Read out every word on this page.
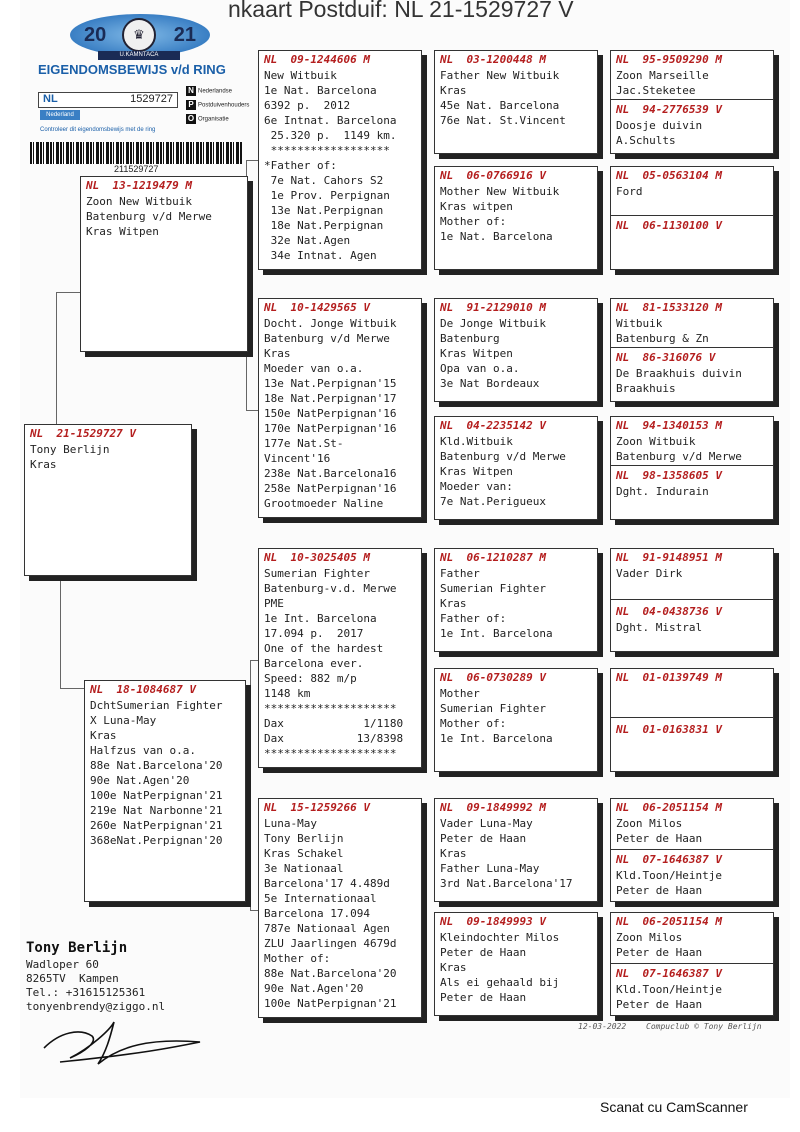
nkaart Postduif: NL 21-1529727 V
20	21
♛
U.KAMNTACA
EIGENDOMSBEWIJS v/d RING
NL	1529727
N Nederlandse
P Postduivenhouders
O Organisatie
Nederland
Controleer dit eigendomsbewijs met de ring
211529727
NL  21-1529727 V
Tony Berlijn
Kras
NL  13-1219479 M
Zoon New Witbuik
Batenburg v/d Merwe
Kras Witpen
NL  18-1084687 V
DchtSumerian Fighter
X Luna-May
Kras
Halfzus van o.a.
88e Nat.Barcelona'20
90e Nat.Agen'20
100e NatPerpignan'21
219e Nat Narbonne'21
260e NatPerpignan'21
368eNat.Perpignan'20
NL  09-1244606 M
New Witbuik
1e Nat. Barcelona
6392 p.  2012
6e Intnat. Barcelona
25.320 p.  1149 km.
******************
*Father of:
7e Nat. Cahors S2
1e Prov. Perpignan
13e Nat.Perpignan
18e Nat.Perpignan
32e Nat.Agen
34e Intnat. Agen
NL  10-1429565 V
Docht. Jonge Witbuik
Batenburg v/d Merwe
Kras
Moeder van o.a.
13e Nat.Perpignan'15
18e Nat.Perpignan'17
150e NatPerpignan'16
170e NatPerpignan'16
177e Nat.St-
Vincent'16
238e Nat.Barcelona16
258e NatPerpignan'16
Grootmoeder Naline
NL  10-3025405 M
Sumerian Fighter
Batenburg-v.d. Merwe
PME
1e Int. Barcelona
17.094 p.  2017
One of the hardest
Barcelona ever.
Speed: 882 m/p
1148 km
********************
Dax            1/1180
Dax           13/8398
********************
NL  15-1259266 V
Luna-May
Tony Berlijn
Kras Schakel
3e Nationaal
Barcelona'17 4.489d
5e Internationaal
Barcelona 17.094
787e Nationaal Agen
ZLU Jaarlingen 4679d
Mother of:
88e Nat.Barcelona'20
90e Nat.Agen'20
100e NatPerpignan'21
NL  03-1200448 M
Father New Witbuik
Kras
45e Nat. Barcelona
76e Nat. St.Vincent
NL  06-0766916 V
Mother New Witbuik
Kras witpen
Mother of:
1e Nat. Barcelona
NL  91-2129010 M
De Jonge Witbuik
Batenburg
Kras Witpen
Opa van o.a.
3e Nat Bordeaux
NL  04-2235142 V
Kld.Witbuik
Batenburg v/d Merwe
Kras Witpen
Moeder van:
7e Nat.Perigueux
NL  06-1210287 M
Father
Sumerian Fighter
Kras
Father of:
1e Int. Barcelona
NL  06-0730289 V
Mother
Sumerian Fighter
Mother of:
1e Int. Barcelona
NL  09-1849992 M
Vader Luna-May
Peter de Haan
Kras
Father Luna-May
3rd Nat.Barcelona'17
NL  09-1849993 V
Kleindochter Milos
Peter de Haan
Kras
Als ei gehaald bij
Peter de Haan
NL  95-9509290 M
Zoon Marseille
Jac.Steketee
NL  94-2776539 V
Doosje duivin
A.Schults
NL  05-0563104 M
Ford
NL  06-1130100 V
NL  81-1533120 M
Witbuik
Batenburg & Zn
NL  86-316076 V
De Braakhuis duivin
Braakhuis
NL  94-1340153 M
Zoon Witbuik
Batenburg v/d Merwe
NL  98-1358605 V
Dght. Indurain
NL  91-9148951 M
Vader Dirk
NL  04-0438736 V
Dght. Mistral
NL  01-0139749 M
NL  01-0163831 V
NL  06-2051154 M
Zoon Milos
Peter de Haan
NL  07-1646387 V
Kld.Toon/Heintje
Peter de Haan
NL  06-2051154 M
Zoon Milos
Peter de Haan
NL  07-1646387 V
Kld.Toon/Heintje
Peter de Haan
Tony Berlijn
Wadloper 60
8265TV  Kampen
Tel.: +31615125361
tonyenbrendy@ziggo.nl
12-03-2022 Compuclub © Tony Berlijn
Scanat cu CamScanner
